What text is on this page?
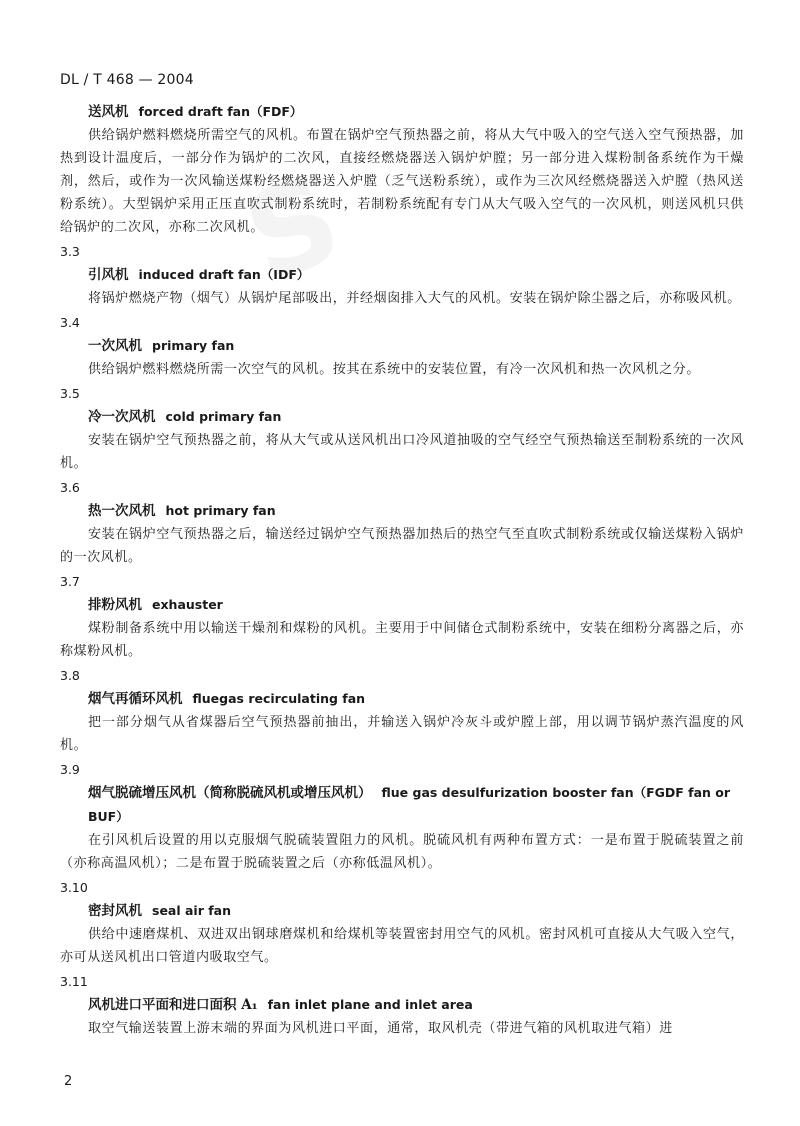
DL / T 468 — 2004

送风机 forced draft fan（FDF）

供给锅炉燃料燃烧所需空气的风机。布置在锅炉空气预热器之前，将从大气中吸入的空气送入空气预热器，加热到设计温度后，一部分作为锅炉的二次风，直接经燃烧器送入锅炉炉膛；另一部分进入煤粉制备系统作为干燥剂，然后，或作为一次风输送煤粉经燃烧器送入炉膛（乏气送粉系统），或作为三次风经燃烧器送入炉膛（热风送粉系统）。大型锅炉采用正压直吹式制粉系统时，若制粉系统配有专门从大气吸入空气的一次风机，则送风机只供给锅炉的二次风，亦称二次风机。

3.3

引风机 induced draft fan（IDF）

将锅炉燃烧产物（烟气）从锅炉尾部吸出，并经烟囱排入大气的风机。安装在锅炉除尘器之后，亦称吸风机。

3.4

一次风机 primary fan

供给锅炉燃料燃烧所需一次空气的风机。按其在系统中的安装位置，有冷一次风机和热一次风机之分。

3.5

冷一次风机 cold primary fan

安装在锅炉空气预热器之前，将从大气或从送风机出口冷风道抽吸的空气经空气预热输送至制粉系统的一次风机。

3.6

热一次风机 hot primary fan

安装在锅炉空气预热器之后，输送经过锅炉空气预热器加热后的热空气至直吹式制粉系统或仅输送煤粉入锅炉的一次风机。

3.7

排粉风机 exhauster

煤粉制备系统中用以输送干燥剂和煤粉的风机。主要用于中间储仓式制粉系统中，安装在细粉分离器之后，亦称煤粉风机。

3.8

烟气再循环风机 fluegas recirculating fan

把一部分烟气从省煤器后空气预热器前抽出，并输送入锅炉冷灰斗或炉膛上部，用以调节锅炉蒸汽温度的风机。

3.9

烟气脱硫增压风机（简称脱硫风机或增压风机） flue gas desulfurization booster fan（FGDF fan or BUF）

在引风机后设置的用以克服烟气脱硫装置阻力的风机。脱硫风机有两种布置方式：一是布置于脱硫装置之前（亦称高温风机）；二是布置于脱硫装置之后（亦称低温风机）。

3.10

密封风机 seal air fan

供给中速磨煤机、双进双出钢球磨煤机和给煤机等装置密封用空气的风机。密封风机可直接从大气吸入空气，亦可从送风机出口管道内吸取空气。

3.11

风机进口平面和进口面积 A₁ fan inlet plane and inlet area

取空气输送装置上游末端的界面为风机进口平面，通常，取风机壳（带进气箱的风机取进气箱）进

2
